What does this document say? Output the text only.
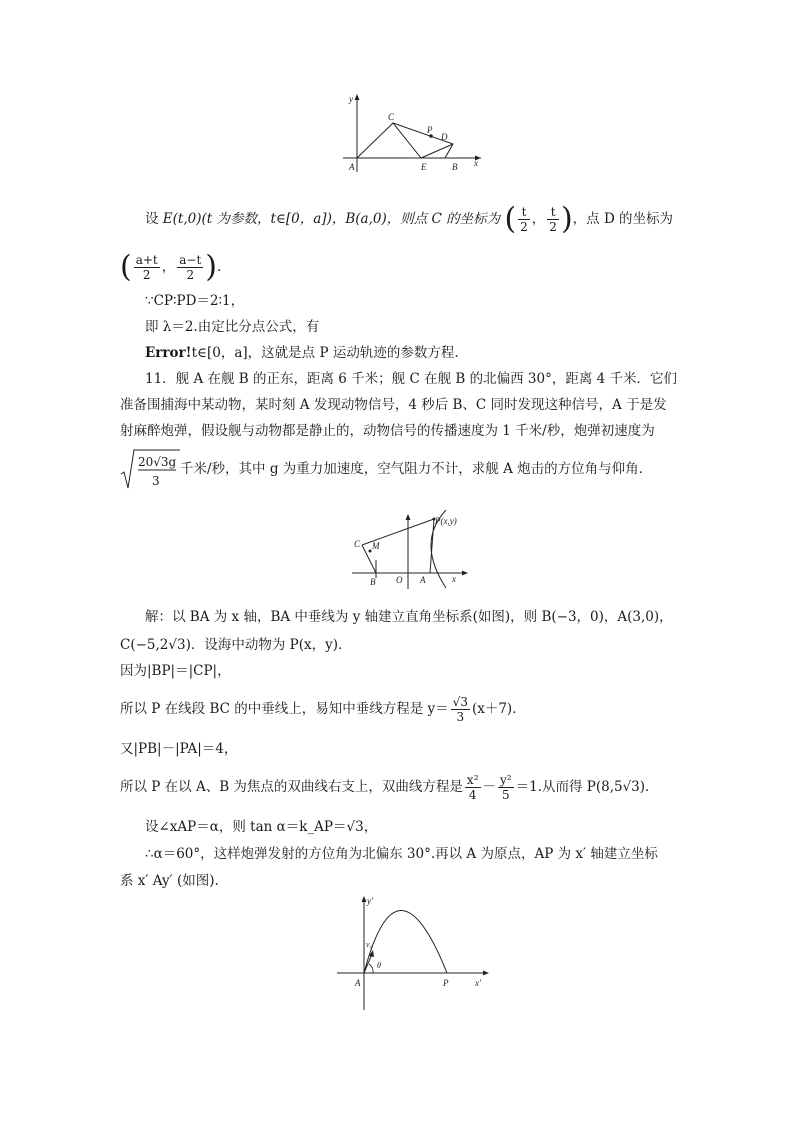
y
C
P
D
A	E	B x
设 E(t,0)(t 为参数，t∈[0，a])，B(a,0)，则点 C 的坐标为 ( $\frac{t}{2}$ ， $\frac{t}{2}$ )，点 D 的坐标为
( $\frac{a+t}{2}$ ， $\frac{a-t}{2}$ ).
∵CP∶PD＝2∶1，
即 λ＝2.由定比分点公式，有
Error!t∈[0，a]，这就是点 P 运动轨迹的参数方程.
11．舰 A 在舰 B 的正东，距离 6 千米；舰 C 在舰 B 的北偏西 30°，距离 4 千米．它们
准备围捕海中某动物，某时刻 A 发现动物信号，4 秒后 B、C 同时发现这种信号，A 于是发
射麻醉炮弹，假设舰与动物都是静止的，动物信号的传播速度为 1 千米/秒，炮弹初速度为
20√3g
3
千米/秒，其中 g 为重力加速度，空气阻力不计，求舰 A 炮击的方位角与仰角．
P(x,y)
C M
B O A	x
解：以 BA 为 x 轴，BA 中垂线为 y 轴建立直角坐标系(如图)，则 B(−3，0)，A(3,0)，
C(−5,2√3)．设海中动物为 P(x，y)．
因为|BP|＝|CP|，
所以 P 在线段 BC 的中垂线上，易知中垂线方程是 $y= \frac{√3}{3} (x+7)$．
又|PB|－|PA|＝4，
所以 P 在以 A、B 为焦点的双曲线右支上，双曲线方程是 $\frac{\text{x²}}{4} - \frac{\text{y²}}{5} =1$.从而得 P(8,5√3)．
设∠xAP＝α，则 tan α＝k_AP＝√3，
∴α＝60°，这样炮弹发射的方位角为北偏东 30°.再以 A 为原点，AP 为 x′ 轴建立坐标
系 x′ Ay′ (如图).
y′
v₀
θ
A	P	x′
